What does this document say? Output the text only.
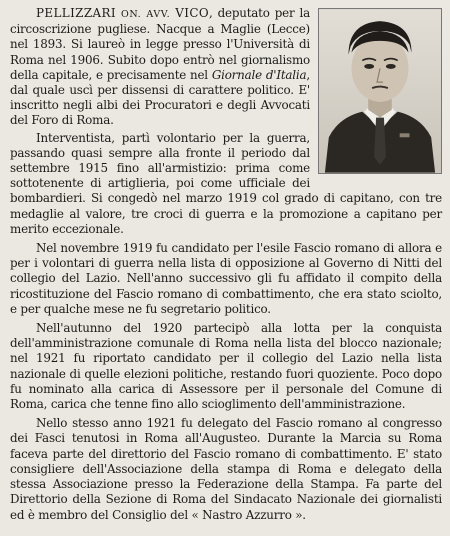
PELLIZZARI ON. AVV. VICO, deputato per la circoscrizione pugliese. Nacque a Maglie (Lecce) nel 1893. Si laureò in legge presso l'Università di Roma nel 1906. Subito dopo entrò nel giornalismo della capitale, e precisamente nel Giornale d'Italia, dal quale uscì per dissensi di carattere politico. E' inscritto negli albi dei Procuratori e degli Avvocati del Foro di Roma.

Interventista, partì volontario per la guerra, passando quasi sempre alla fronte il periodo dal settembre 1915 fino all'armistizio: prima come sottotenente di artiglieria, poi come ufficiale dei bombardieri. Si congedò nel marzo 1919 col grado di capitano, con tre medaglie al valore, tre croci di guerra e la promozione a capitano per merito eccezionale.

Nel novembre 1919 fu candidato per l'esile Fascio romano di allora e per i volontari di guerra nella lista di opposizione al Governo di Nitti del collegio del Lazio. Nell'anno successivo gli fu affidato il compito della ricostituzione del Fascio romano di combattimento, che era stato sciolto, e per qualche mese ne fu segretario politico.

Nell'autunno del 1920 partecipò alla lotta per la conquista dell'amministrazione comunale di Roma nella lista del blocco nazionale; nel 1921 fu riportato candidato per il collegio del Lazio nella lista nazionale di quelle elezioni politiche, restando fuori quoziente. Poco dopo fu nominato alla carica di Assessore per il personale del Comune di Roma, carica che tenne fino allo scioglimento dell'amministrazione.

Nello stesso anno 1921 fu delegato del Fascio romano al congresso dei Fasci tenutosi in Roma all'Augusteo. Durante la Marcia su Roma faceva parte del direttorio del Fascio romano di combattimento. E' stato consigliere dell'Associazione della stampa di Roma e delegato della stessa Associazione presso la Federazione della Stampa. Fa parte del Direttorio della Sezione di Roma del Sindacato Nazionale dei giornalisti ed è membro del Consiglio del « Nastro Azzurro ».
